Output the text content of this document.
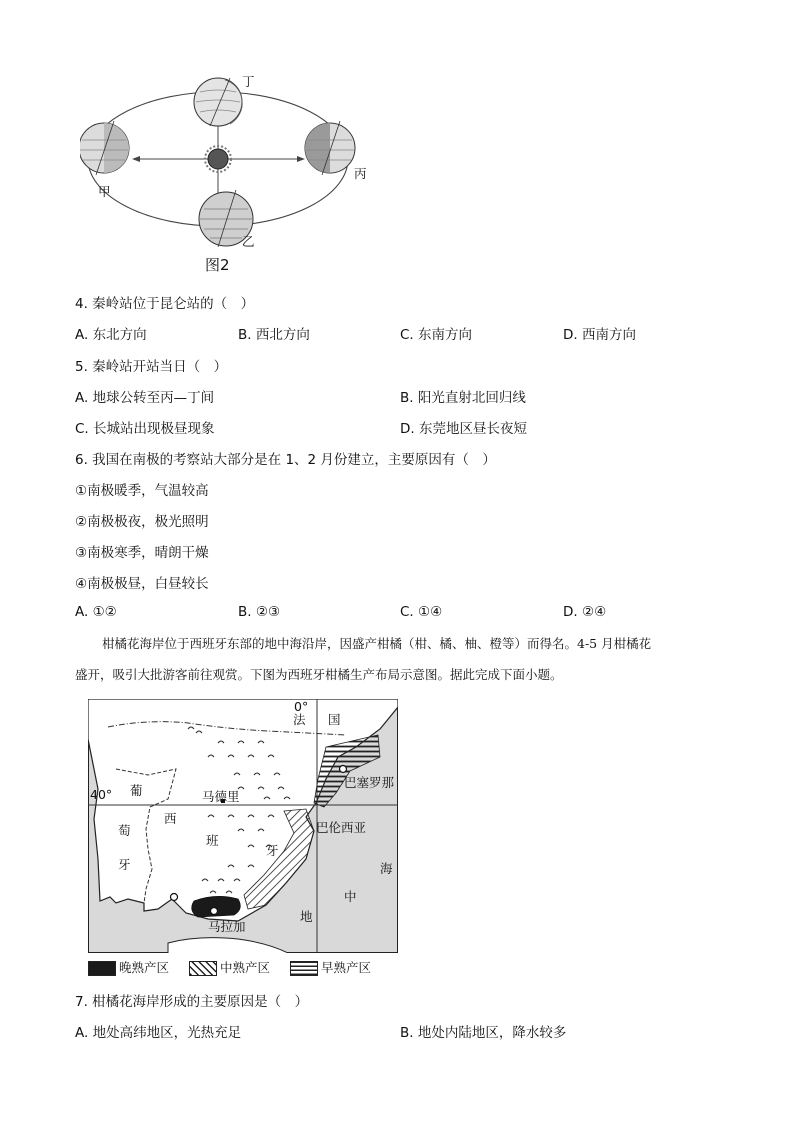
丁
甲
丙
乙
图2
4. 秦岭站位于昆仑站的（　）
A. 东北方向	B. 西北方向	C. 东南方向	D. 西南方向
5. 秦岭站开站当日（　）
A. 地球公转至丙—丁间	B. 阳光直射北回归线
C. 长城站出现极昼现象	D. 东莞地区昼长夜短
6. 我国在南极的考察站大部分是在 1、2 月份建立，主要原因有（　）
①南极暖季，气温较高
②南极极夜，极光照明
③南极寒季，晴朗干燥
④南极极昼，白昼较长
A. ①②	B. ②③	C. ①④	D. ②④
柑橘花海岸位于西班牙东部的地中海沿岸，因盛产柑橘（柑、橘、柚、橙等）而得名。4-5 月柑橘花
盛开，吸引大批游客前往观赏。下图为西班牙柑橘生产布局示意图。据此完成下面小题。
0°
法 国
40°
巴塞罗那
马德里
巴伦西亚
马拉加
葡
萄
牙
西
班
牙
海
中
地
晚熟产区	中熟产区	早熟产区
7. 柑橘花海岸形成的主要原因是（　）
A. 地处高纬地区，光热充足	B. 地处内陆地区，降水较多
